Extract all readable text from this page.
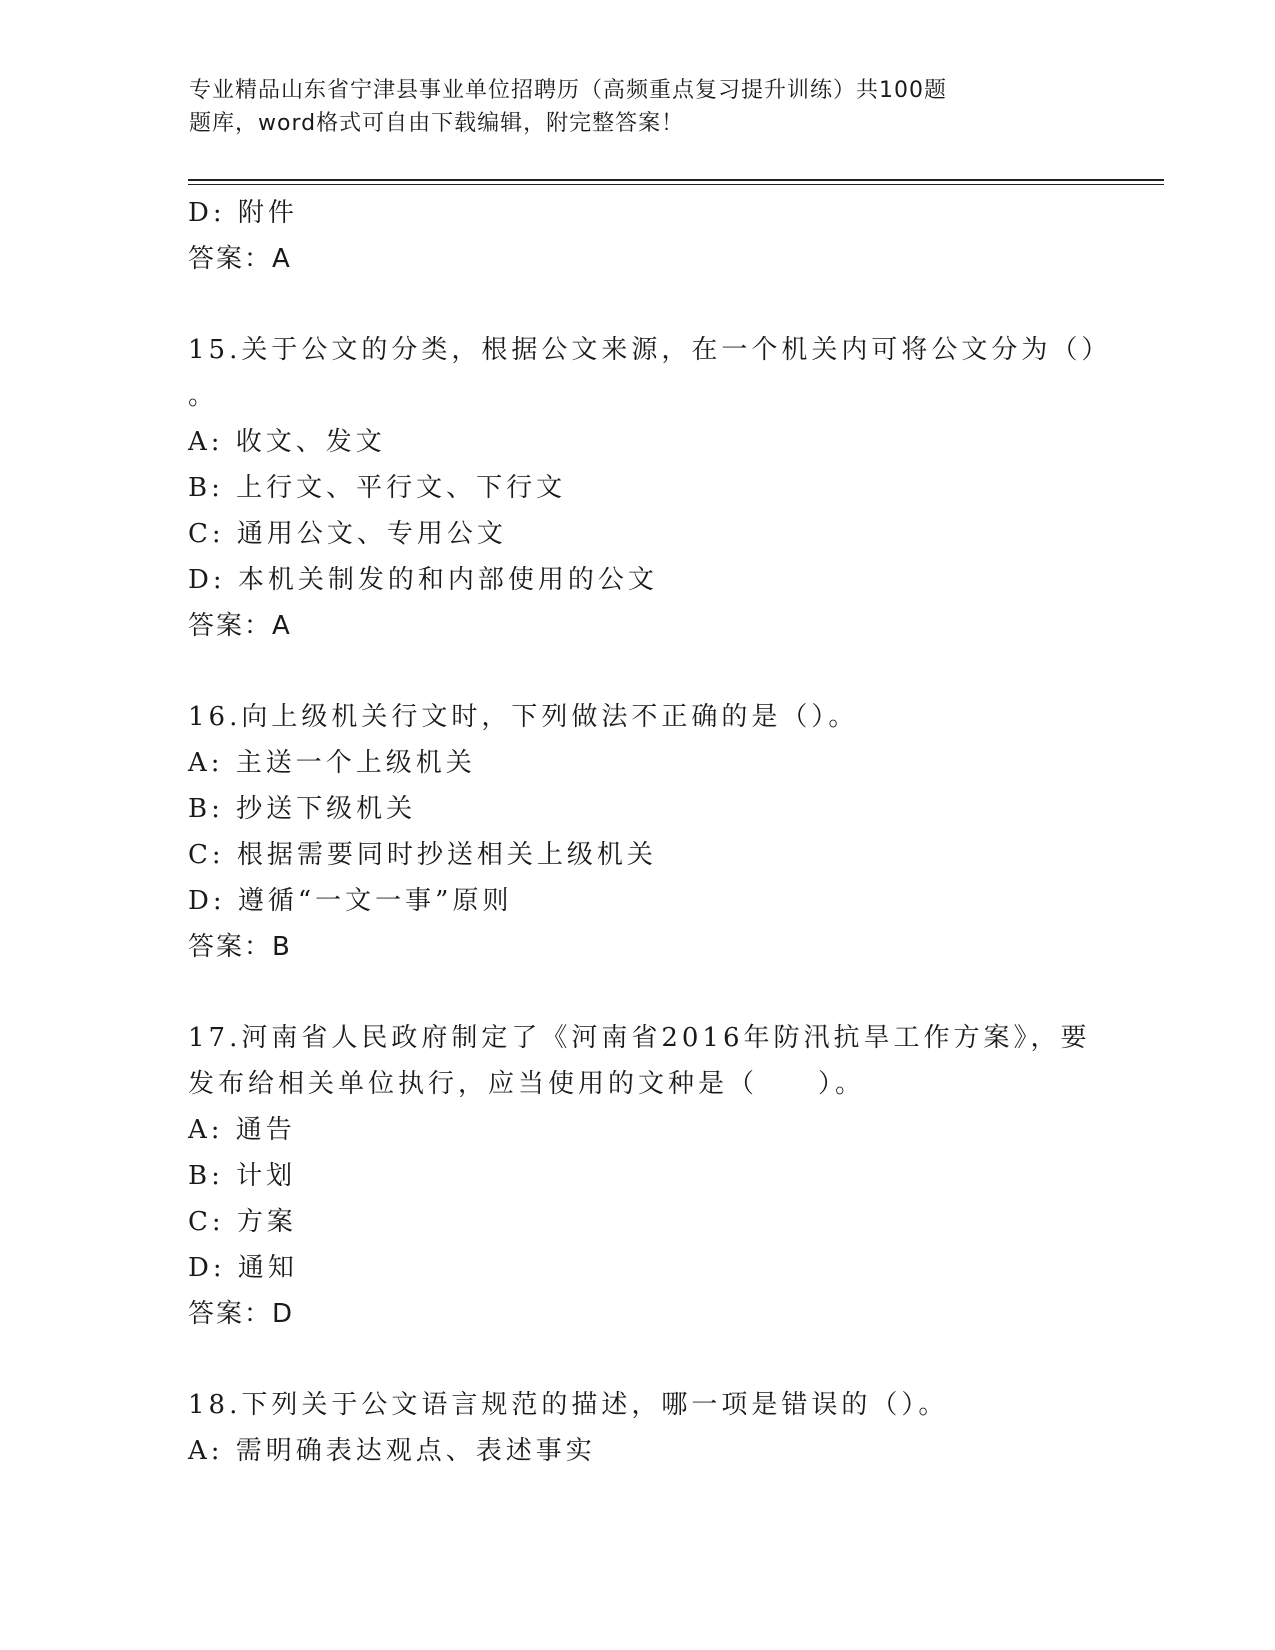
专业精品山东省宁津县事业单位招聘历（高频重点复习提升训练）共100题
题库，word格式可自由下载编辑，附完整答案！
D: 附件
答案：A
15.关于公文的分类，根据公文来源，在一个机关内可将公文分为（）
。
A: 收文、发文
B: 上行文、平行文、下行文
C: 通用公文、专用公文
D: 本机关制发的和内部使用的公文
答案：A
16.向上级机关行文时，下列做法不正确的是（）。
A: 主送一个上级机关
B: 抄送下级机关
C: 根据需要同时抄送相关上级机关
D: 遵循“一文一事”原则
答案：B
17.河南省人民政府制定了《河南省2016年防汛抗旱工作方案》，要
发布给相关单位执行，应当使用的文种是（　　）。
A: 通告
B: 计划
C: 方案
D: 通知
答案：D
18.下列关于公文语言规范的描述，哪一项是错误的（）。
A: 需明确表达观点、表述事实
